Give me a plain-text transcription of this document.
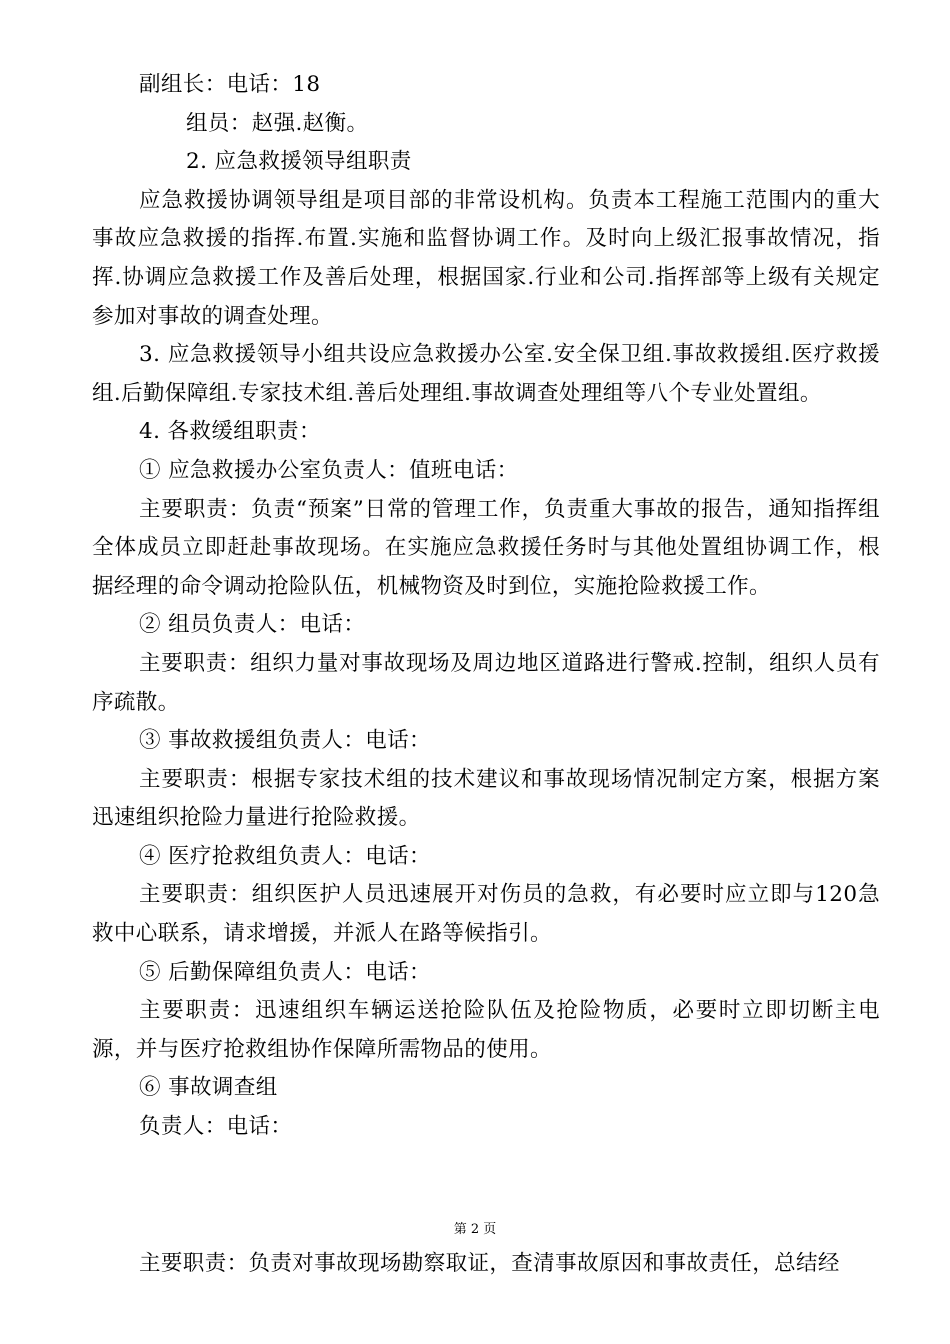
副组长：电话：18

组员：赵强.赵衡。

2. 应急救援领导组职责

应急救援协调领导组是项目部的非常设机构。负责本工程施工范围内的重大事故应急救援的指挥.布置.实施和监督协调工作。及时向上级汇报事故情况，指挥.协调应急救援工作及善后处理，根据国家.行业和公司.指挥部等上级有关规定参加对事故的调查处理。

3. 应急救援领导小组共设应急救援办公室.安全保卫组.事故救援组.医疗救援组.后勤保障组.专家技术组.善后处理组.事故调查处理组等八个专业处置组。

4. 各救缓组职责：

① 应急救援办公室负责人：值班电话：

主要职责：负责“预案”日常的管理工作，负责重大事故的报告，通知指挥组全体成员立即赶赴事故现场。在实施应急救援任务时与其他处置组协调工作，根据经理的命令调动抢险队伍，机械物资及时到位，实施抢险救援工作。

② 组员负责人：电话：

主要职责：组织力量对事故现场及周边地区道路进行警戒.控制，组织人员有序疏散。

③ 事故救援组负责人：电话：

主要职责：根据专家技术组的技术建议和事故现场情况制定方案，根据方案迅速组织抢险力量进行抢险救援。

④ 医疗抢救组负责人：电话：

主要职责：组织医护人员迅速展开对伤员的急救，有必要时应立即与120急救中心联系，请求增援，并派人在路等候指引。

⑤ 后勤保障组负责人：电话：

主要职责：迅速组织车辆运送抢险队伍及抢险物质，必要时立即切断主电源，并与医疗抢救组协作保障所需物品的使用。

⑥ 事故调查组

负责人：电话：

第 2 页

主要职责：负责对事故现场勘察取证，查清事故原因和事故责任，总结经
